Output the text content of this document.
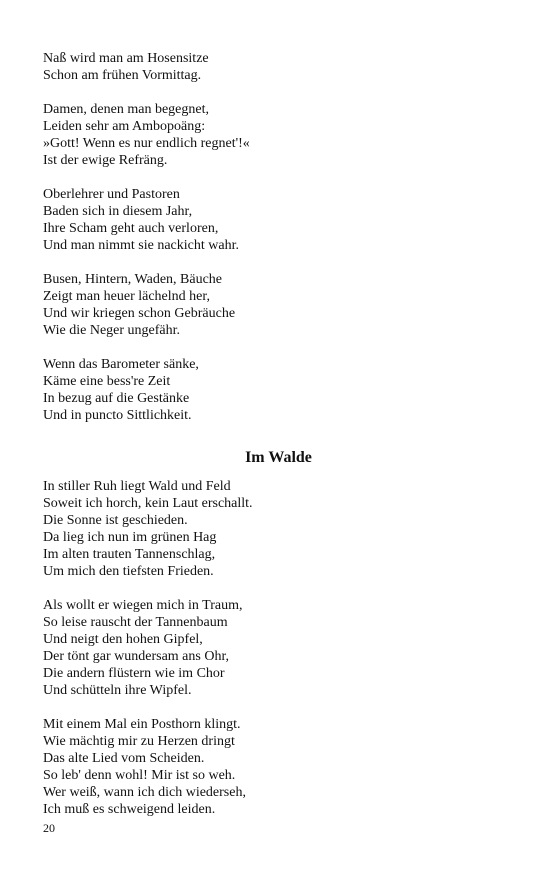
Naß wird man am Hosensitze
Schon am frühen Vormittag.
Damen, denen man begegnet,
Leiden sehr am Ambopoäng:
»Gott! Wenn es nur endlich regnet'!«
Ist der ewige Refräng.
Oberlehrer und Pastoren
Baden sich in diesem Jahr,
Ihre Scham geht auch verloren,
Und man nimmt sie nackicht wahr.
Busen, Hintern, Waden, Bäuche
Zeigt man heuer lächelnd her,
Und wir kriegen schon Gebräuche
Wie die Neger ungefähr.
Wenn das Barometer sänke,
Käme eine bess're Zeit
In bezug auf die Gestänke
Und in puncto Sittlichkeit.
Im Walde
In stiller Ruh liegt Wald und Feld
Soweit ich horch, kein Laut erschallt.
Die Sonne ist geschieden.
Da lieg ich nun im grünen Hag
Im alten trauten Tannenschlag,
Um mich den tiefsten Frieden.
Als wollt er wiegen mich in Traum,
So leise rauscht der Tannenbaum
Und neigt den hohen Gipfel,
Der tönt gar wundersam ans Ohr,
Die andern flüstern wie im Chor
Und schütteln ihre Wipfel.
Mit einem Mal ein Posthorn klingt.
Wie mächtig mir zu Herzen dringt
Das alte Lied vom Scheiden.
So leb' denn wohl! Mir ist so weh.
Wer weiß, wann ich dich wiederseh,
Ich muß es schweigend leiden.
20
